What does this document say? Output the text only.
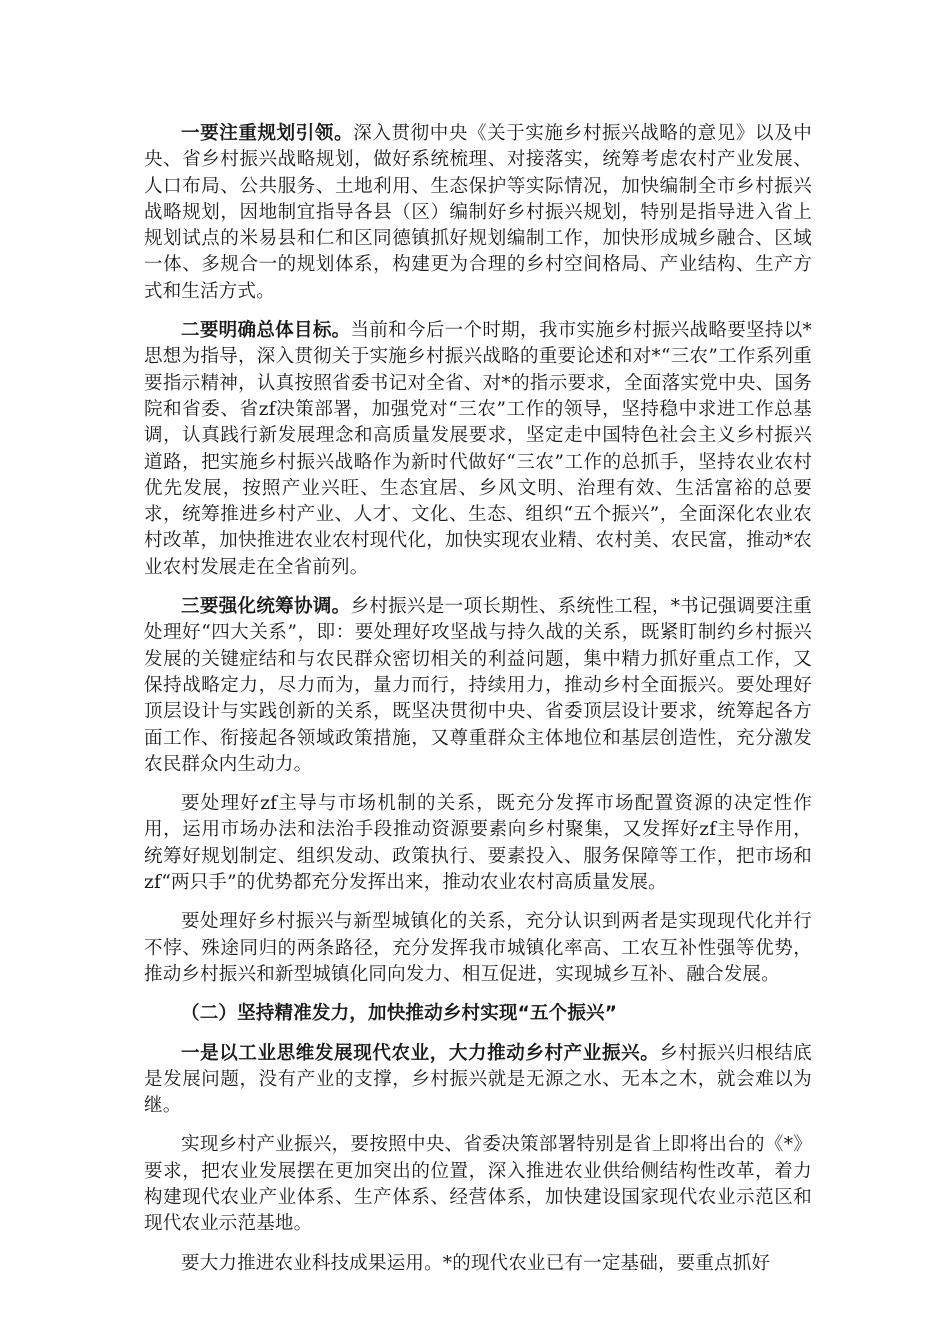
一要注重规划引领。深入贯彻中央《关于实施乡村振兴战略的意见》以及中央、省乡村振兴战略规划，做好系统梳理、对接落实，统筹考虑农村产业发展、人口布局、公共服务、土地利用、生态保护等实际情况，加快编制全市乡村振兴战略规划，因地制宜指导各县（区）编制好乡村振兴规划，特别是指导进入省上规划试点的米易县和仁和区同德镇抓好规划编制工作，加快形成城乡融合、区域一体、多规合一的规划体系，构建更为合理的乡村空间格局、产业结构、生产方式和生活方式。

二要明确总体目标。当前和今后一个时期，我市实施乡村振兴战略要坚持以*思想为指导，深入贯彻关于实施乡村振兴战略的重要论述和对*“三农”工作系列重要指示精神，认真按照省委书记对全省、对*的指示要求，全面落实党中央、国务院和省委、省zf决策部署，加强党对“三农”工作的领导，坚持稳中求进工作总基调，认真践行新发展理念和高质量发展要求，坚定走中国特色社会主义乡村振兴道路，把实施乡村振兴战略作为新时代做好“三农”工作的总抓手，坚持农业农村优先发展，按照产业兴旺、生态宜居、乡风文明、治理有效、生活富裕的总要求，统筹推进乡村产业、人才、文化、生态、组织“五个振兴”，全面深化农业农村改革，加快推进农业农村现代化，加快实现农业精、农村美、农民富，推动*农业农村发展走在全省前列。

三要强化统筹协调。乡村振兴是一项长期性、系统性工程，*书记强调要注重处理好“四大关系”，即：要处理好攻坚战与持久战的关系，既紧盯制约乡村振兴发展的关键症结和与农民群众密切相关的利益问题，集中精力抓好重点工作，又保持战略定力，尽力而为，量力而行，持续用力，推动乡村全面振兴。要处理好顶层设计与实践创新的关系，既坚决贯彻中央、省委顶层设计要求，统筹起各方面工作、衔接起各领域政策措施，又尊重群众主体地位和基层创造性，充分激发农民群众内生动力。

要处理好zf主导与市场机制的关系，既充分发挥市场配置资源的决定性作用，运用市场办法和法治手段推动资源要素向乡村聚集，又发挥好zf主导作用，统筹好规划制定、组织发动、政策执行、要素投入、服务保障等工作，把市场和zf“两只手”的优势都充分发挥出来，推动农业农村高质量发展。

要处理好乡村振兴与新型城镇化的关系，充分认识到两者是实现现代化并行不悖、殊途同归的两条路径，充分发挥我市城镇化率高、工农互补性强等优势，推动乡村振兴和新型城镇化同向发力、相互促进，实现城乡互补、融合发展。

（二）坚持精准发力，加快推动乡村实现“五个振兴”

一是以工业思维发展现代农业，大力推动乡村产业振兴。乡村振兴归根结底是发展问题，没有产业的支撑，乡村振兴就是无源之水、无本之木，就会难以为继。

实现乡村产业振兴，要按照中央、省委决策部署特别是省上即将出台的《*》要求，把农业发展摆在更加突出的位置，深入推进农业供给侧结构性改革，着力构建现代农业产业体系、生产体系、经营体系，加快建设国家现代农业示范区和现代农业示范基地。

要大力推进农业科技成果运用。*的现代农业已有一定基础，要重点抓好
